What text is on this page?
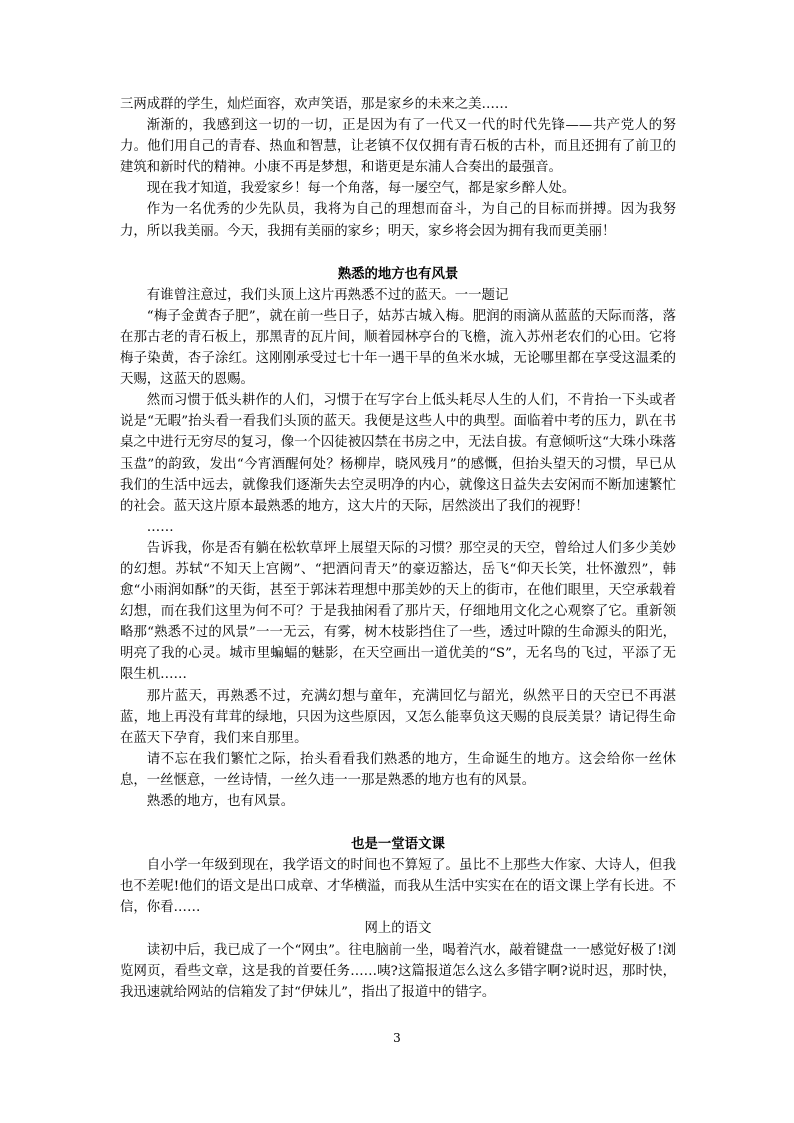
三两成群的学生，灿烂面容，欢声笑语，那是家乡的未来之美……

渐渐的，我感到这一切的一切，正是因为有了一代又一代的时代先锋——共产党人的努力。他们用自己的青春、热血和智慧，让老镇不仅仅拥有青石板的古朴，而且还拥有了前卫的建筑和新时代的精神。小康不再是梦想，和谐更是东浦人合奏出的最强音。

现在我才知道，我爱家乡！每一个角落，每一屡空气，都是家乡醉人处。

作为一名优秀的少先队员，我将为自己的理想而奋斗，为自己的目标而拼搏。因为我努力，所以我美丽。今天，我拥有美丽的家乡；明天，家乡将会因为拥有我而更美丽！

熟悉的地方也有风景

有谁曾注意过，我们头顶上这片再熟悉不过的蓝天。一一题记

“梅子金黄杏子肥”，就在前一些日子，姑苏古城入梅。肥润的雨滴从蓝蓝的天际而落，落在那古老的青石板上，那黑青的瓦片间，顺着园林亭台的飞檐，流入苏州老农们的心田。它将梅子染黄，杏子涂红。这刚刚承受过七十年一遇干旱的鱼米水城，无论哪里都在享受这温柔的天赐，这蓝天的恩赐。

然而习惯于低头耕作的人们，习惯于在写字台上低头耗尽人生的人们，不肯抬一下头或者说是“无暇”抬头看一看我们头顶的蓝天。我便是这些人中的典型。面临着中考的压力，趴在书桌之中进行无穷尽的复习，像一个囚徒被囚禁在书房之中，无法自拔。有意倾听这“大珠小珠落玉盘”的韵致，发出“今宵酒醒何处？杨柳岸，晓风残月”的感慨，但抬头望天的习惯，早已从我们的生活中远去，就像我们逐渐失去空灵明净的内心，就像这日益失去安闲而不断加速繁忙的社会。蓝天这片原本最熟悉的地方，这大片的天际，居然淡出了我们的视野！

……

告诉我，你是否有躺在松软草坪上展望天际的习惯？那空灵的天空，曾给过人们多少美妙的幻想。苏轼“不知天上宫阙”、“把酒问青天”的豪迈豁达，岳飞“仰天长笑，壮怀激烈”，韩愈“小雨润如酥”的天街，甚至于郭沫若理想中那美妙的天上的街市，在他们眼里，天空承载着幻想，而在我们这里为何不可？于是我抽闲看了那片天，仔细地用文化之心观察了它。重新领略那“熟悉不过的风景”一一无云，有雾，树木枝影挡住了一些，透过叶隙的生命源头的阳光，明亮了我的心灵。城市里蝙蝠的魅影，在天空画出一道优美的“S”，无名鸟的飞过，平添了无限生机……

那片蓝天，再熟悉不过，充满幻想与童年，充满回忆与韶光，纵然平日的天空已不再湛蓝，地上再没有茸茸的绿地，只因为这些原因，又怎么能辜负这天赐的良辰美景？请记得生命在蓝天下孕育，我们来自那里。

请不忘在我们繁忙之际，抬头看看我们熟悉的地方，生命诞生的地方。这会给你一丝休息，一丝惬意，一丝诗情，一丝久违一一那是熟悉的地方也有的风景。

熟悉的地方，也有风景。

也是一堂语文课

自小学一年级到现在，我学语文的时间也不算短了。虽比不上那些大作家、大诗人，但我也不差呢!他们的语文是出口成章、才华横溢，而我从生活中实实在在的语文课上学有长进。不信，你看……

网上的语文

读初中后，我已成了一个“网虫”。往电脑前一坐，喝着汽水，敲着键盘一一感觉好极了!浏览网页，看些文章，这是我的首要任务……咦?这篇报道怎么这么多错字啊?说时迟，那时快，我迅速就给网站的信箱发了封“伊妹儿”，指出了报道中的错字。

3
